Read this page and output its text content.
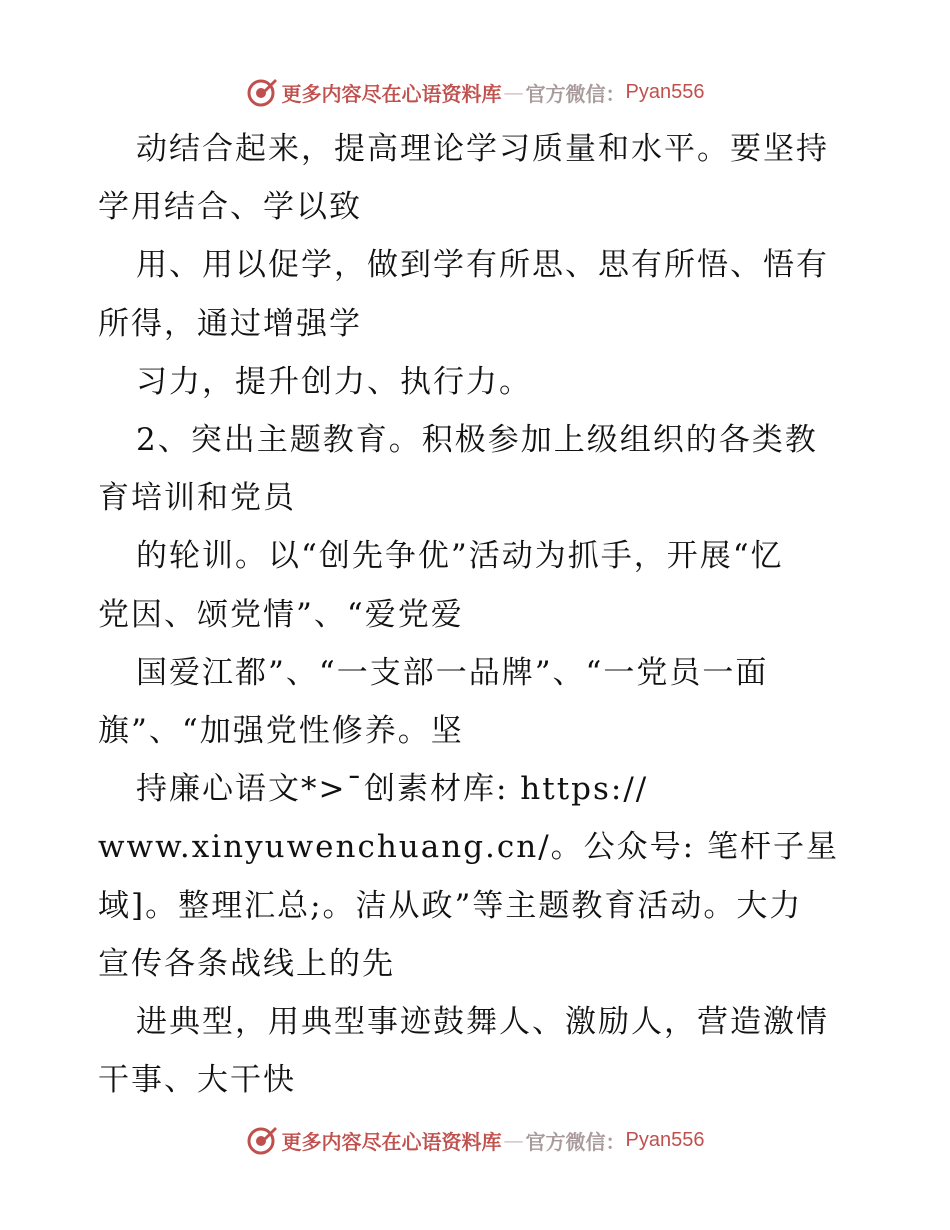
更多内容尽在心语资料库 — 官方微信： Pyan556

动结合起来，提高理论学习质量和水平。要坚持

学用结合、学以致

用、用以促学，做到学有所思、思有所悟、悟有

所得，通过增强学

习力，提升创力、执行力。

2、突出主题教育。积极参加上级组织的各类教

育培训和党员

的轮训。以“创先争优”活动为抓手，开展“忆

党因、颂党情”、“爱党爱

国爱江都”、“一支部一品牌”、“一党员一面

旗”、“加强党性修养。坚

持廉心语文*>¯创素材库: https://

www.xinyuwenchuang.cn/。公众号: 笔杆子星

域]。整理汇总;。洁从政”等主题教育活动。大力

宣传各条战线上的先

进典型，用典型事迹鼓舞人、激励人，营造激情

干事、大干快

更多内容尽在心语资料库 — 官方微信： Pyan556
